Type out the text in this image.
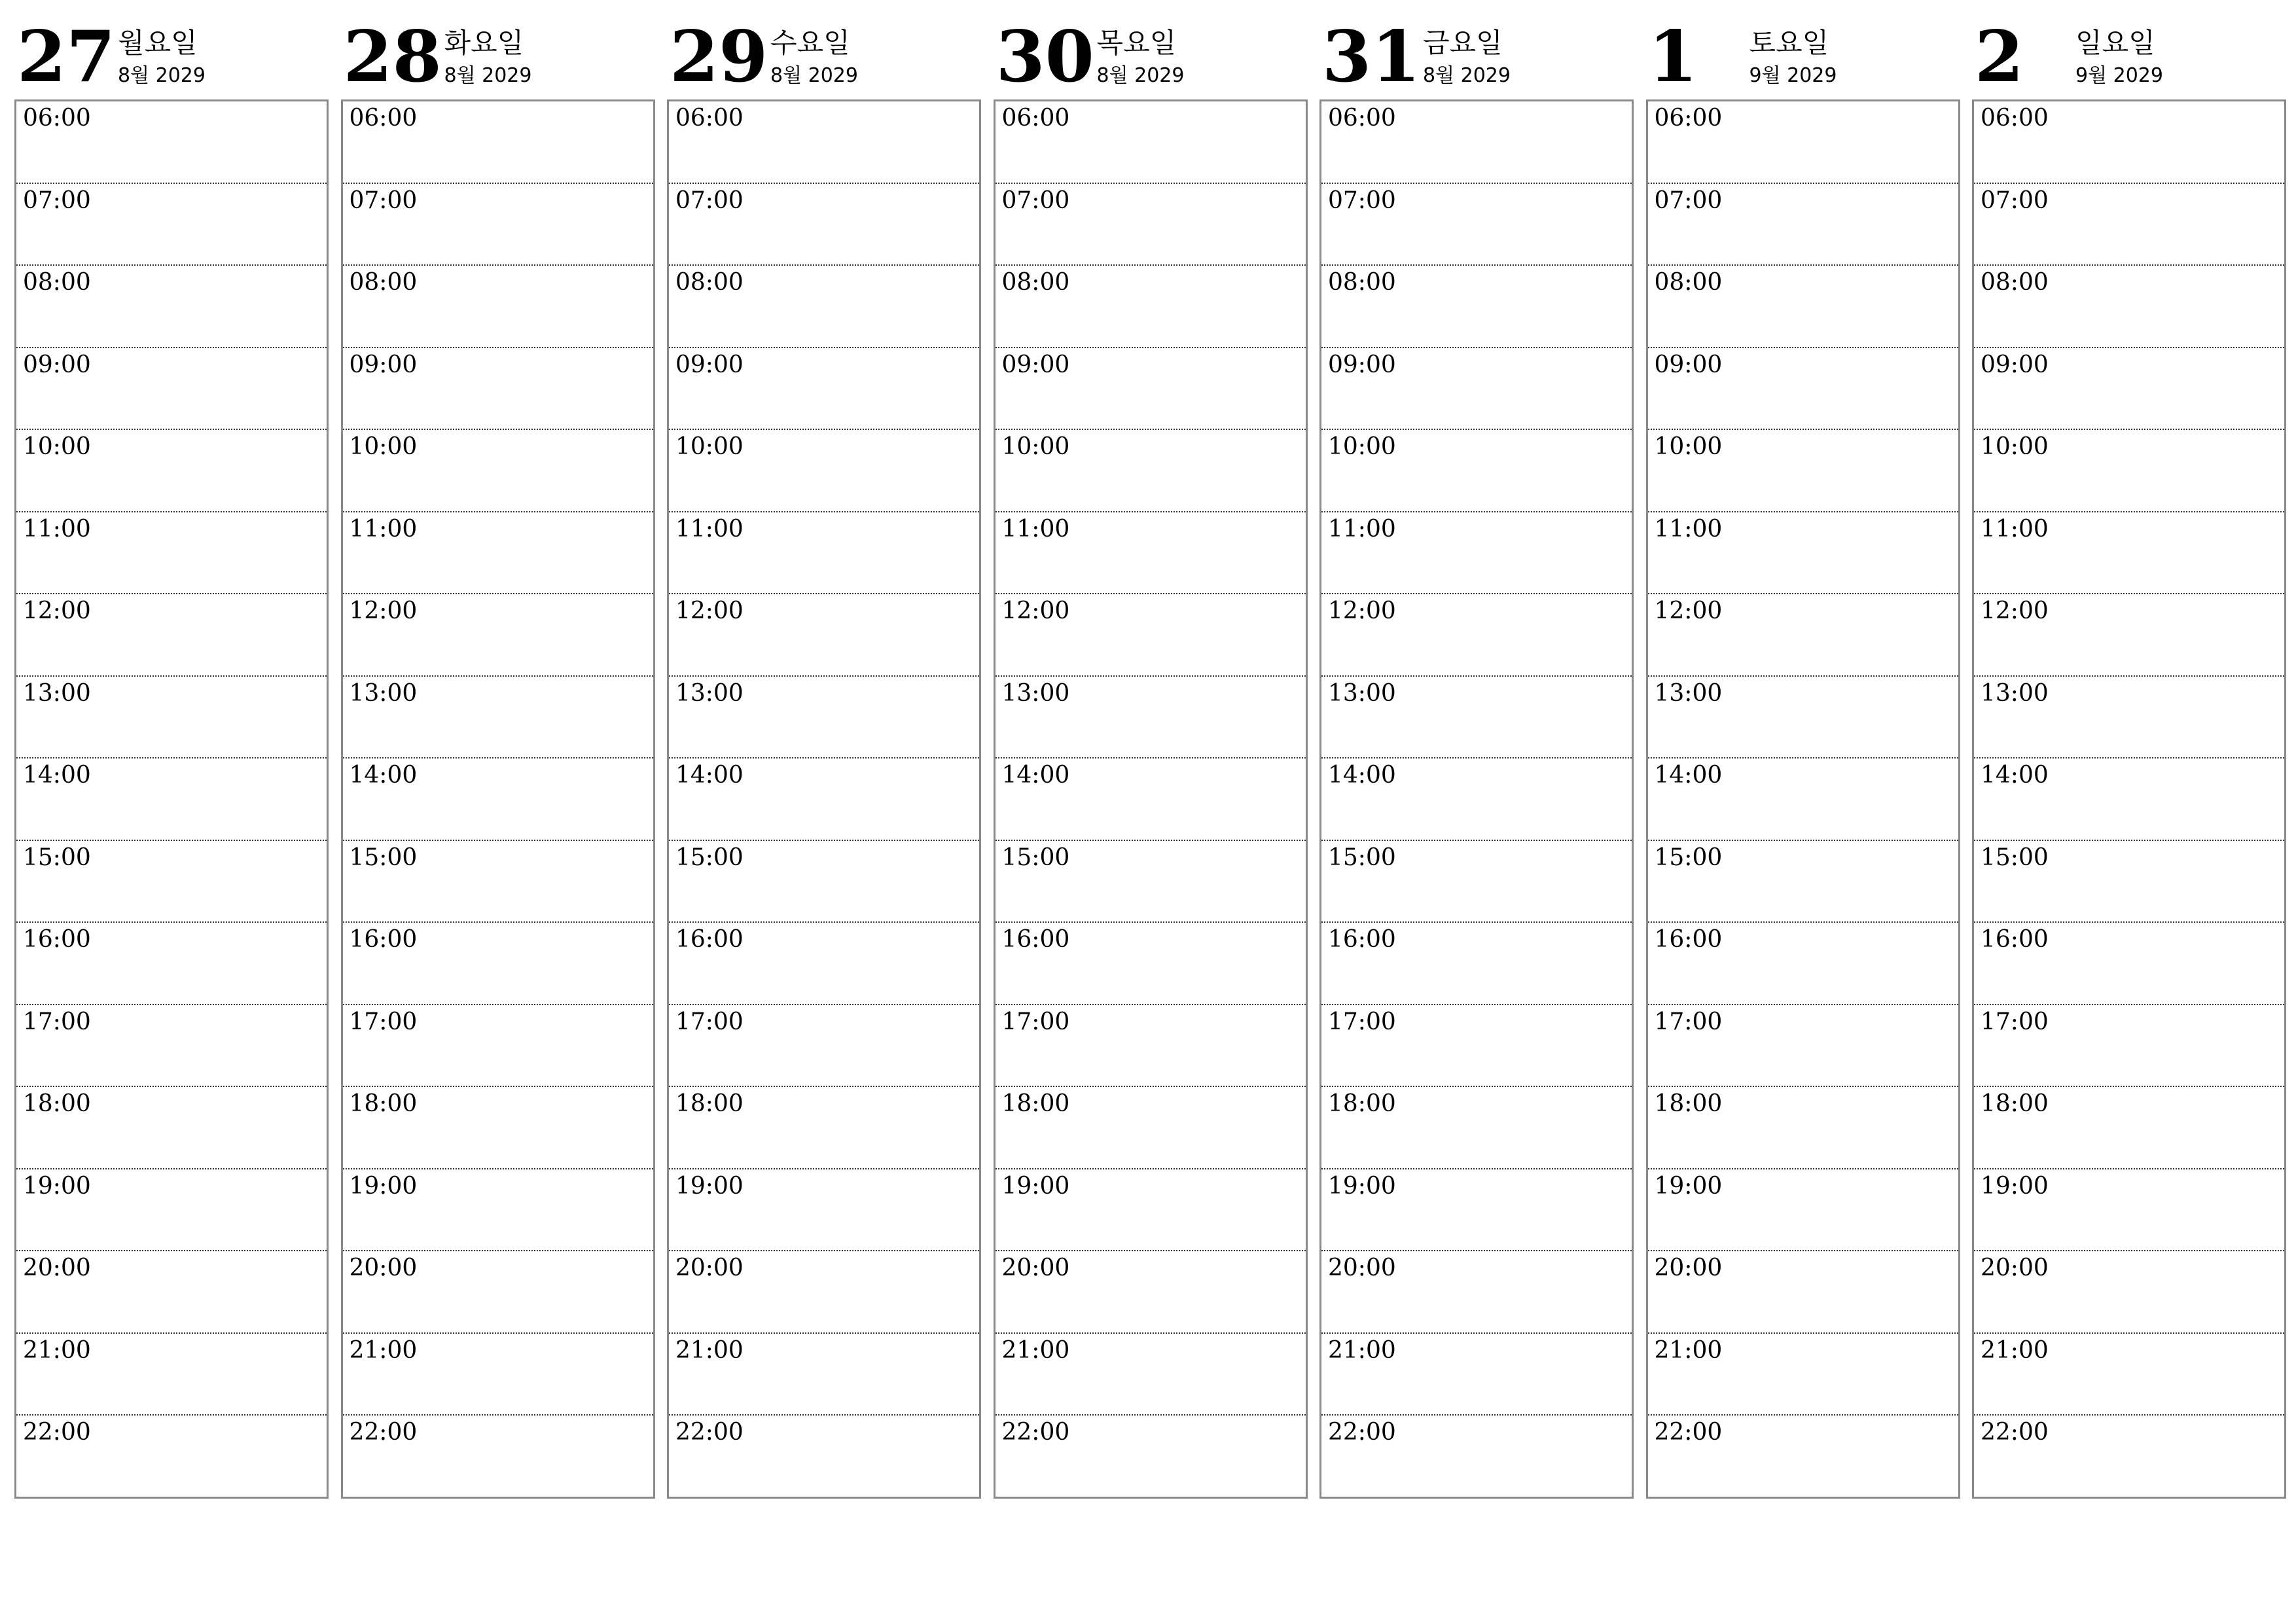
27 월요일
8월 2029
06:00
07:00
08:00
09:00
10:00
11:00
12:00
13:00
14:00
15:00
16:00
17:00
18:00
19:00
20:00
21:00
22:00
28 화요일
8월 2029
06:00
07:00
08:00
09:00
10:00
11:00
12:00
13:00
14:00
15:00
16:00
17:00
18:00
19:00
20:00
21:00
22:00
29 수요일
8월 2029
06:00
07:00
08:00
09:00
10:00
11:00
12:00
13:00
14:00
15:00
16:00
17:00
18:00
19:00
20:00
21:00
22:00
30 목요일
8월 2029
06:00
07:00
08:00
09:00
10:00
11:00
12:00
13:00
14:00
15:00
16:00
17:00
18:00
19:00
20:00
21:00
22:00
31 금요일
8월 2029
06:00
07:00
08:00
09:00
10:00
11:00
12:00
13:00
14:00
15:00
16:00
17:00
18:00
19:00
20:00
21:00
22:00
1 토요일
9월 2029
06:00
07:00
08:00
09:00
10:00
11:00
12:00
13:00
14:00
15:00
16:00
17:00
18:00
19:00
20:00
21:00
22:00
2 일요일
9월 2029
06:00
07:00
08:00
09:00
10:00
11:00
12:00
13:00
14:00
15:00
16:00
17:00
18:00
19:00
20:00
21:00
22:00
